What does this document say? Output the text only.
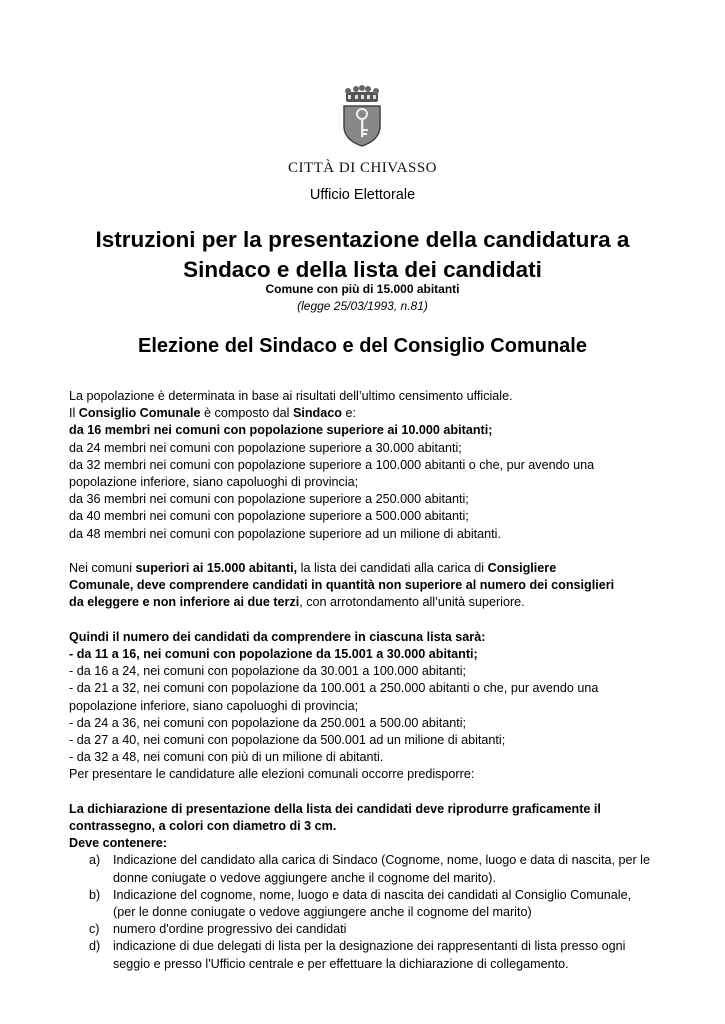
CITTÀ DI CHIVASSO
Ufficio Elettorale
Istruzioni per la presentazione della candidatura a
Sindaco e della lista dei candidati
Comune con più di 15.000 abitanti
(legge 25/03/1993, n.81)
Elezione del Sindaco e del Consiglio Comunale

La popolazione è determinata in base ai risultati dell’ultimo censimento ufficiale.

Il Consiglio Comunale è composto dal Sindaco e:

da 16 membri nei comuni con popolazione superiore ai 10.000 abitanti;

da 24 membri nei comuni con popolazione superiore a 30.000 abitanti;

da 32 membri nei comuni con popolazione superiore a 100.000 abitanti o che, pur avendo una

popolazione inferiore, siano capoluoghi di provincia;

da 36 membri nei comuni con popolazione superiore a 250.000 abitanti;

da 40 membri nei comuni con popolazione superiore a 500.000 abitanti;

da 48 membri nei comuni con popolazione superiore ad un milione di abitanti.

Nei comuni superiori ai 15.000 abitanti, la lista dei candidati alla carica di Consigliere

Comunale, deve comprendere candidati in quantità non superiore al numero dei consiglieri

da eleggere e non inferiore ai due terzi, con arrotondamento all’unità superiore.

Quindi il numero dei candidati da comprendere in ciascuna lista sarà:

- da 11 a 16, nei comuni con popolazione da 15.001 a 30.000 abitanti;

- da 16 a 24, nei comuni con popolazione da 30.001 a 100.000 abitanti;

- da 21 a 32, nei comuni con popolazione da 100.001 a 250.000 abitanti o che, pur avendo una

popolazione inferiore, siano capoluoghi di provincia;

- da 24 a 36, nei comuni con popolazione da 250.001 a 500.00 abitanti;

- da 27 a 40, nei comuni con popolazione da 500.001 ad un milione di abitanti;

- da 32 a 48, nei comuni con più di un milione di abitanti.

Per presentare le candidature alle elezioni comunali occorre predisporre:

La dichiarazione di presentazione della lista dei candidati deve riprodurre graficamente il

contrassegno, a colori con diametro di 3 cm.

Deve contenere:

a) Indicazione del candidato alla carica di Sindaco (Cognome, nome, luogo e data di nascita, per le
donne coniugate o vedove aggiungere anche il cognome del marito).
b) Indicazione del cognome, nome, luogo e data di nascita dei candidati al Consiglio Comunale,
(per le donne coniugate o vedove aggiungere anche il cognome del marito)
c) numero d'ordine progressivo dei candidati
d) indicazione di due delegati di lista per la designazione dei rappresentanti di lista presso ogni
seggio e presso l'Ufficio centrale e per effettuare la dichiarazione di collegamento.
